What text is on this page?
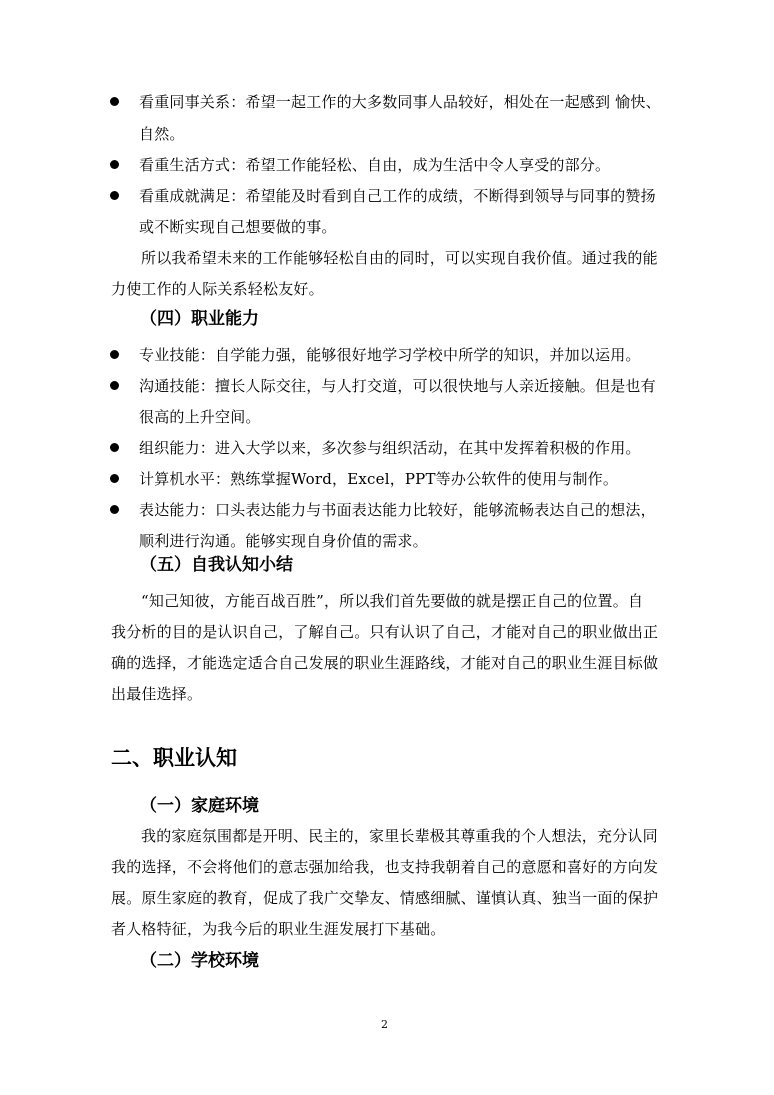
看重同事关系：希望一起工作的大多数同事人品较好，相处在一起感到 愉快、
自然。
看重生活方式：希望工作能轻松、自由，成为生活中令人享受的部分。
看重成就满足：希望能及时看到自己工作的成绩，不断得到领导与同事的赞扬
或不断实现自己想要做的事。
所以我希望未来的工作能够轻松自由的同时，可以实现自我价值。通过我的能
力使工作的人际关系轻松友好。
（四）职业能力
专业技能：自学能力强，能够很好地学习学校中所学的知识，并加以运用。
沟通技能：擅长人际交往，与人打交道，可以很快地与人亲近接触。但是也有
很高的上升空间。
组织能力：进入大学以来，多次参与组织活动，在其中发挥着积极的作用。
计算机水平：熟练掌握Word，Excel，PPT等办公软件的使用与制作。
表达能力：口头表达能力与书面表达能力比较好，能够流畅表达自己的想法，
顺利进行沟通。能够实现自身价值的需求。
（五）自我认知小结
“知己知彼，方能百战百胜”，所以我们首先要做的就是摆正自己的位置。自
我分析的目的是认识自己，了解自己。只有认识了自己，才能对自己的职业做出正
确的选择，才能选定适合自己发展的职业生涯路线，才能对自己的职业生涯目标做
出最佳选择。
二、职业认知
（一）家庭环境
我的家庭氛围都是开明、民主的，家里长辈极其尊重我的个人想法，充分认同
我的选择，不会将他们的意志强加给我，也支持我朝着自己的意愿和喜好的方向发
展。原生家庭的教育，促成了我广交挚友、情感细腻、谨慎认真、独当一面的保护
者人格特征，为我今后的职业生涯发展打下基础。
（二）学校环境
2
